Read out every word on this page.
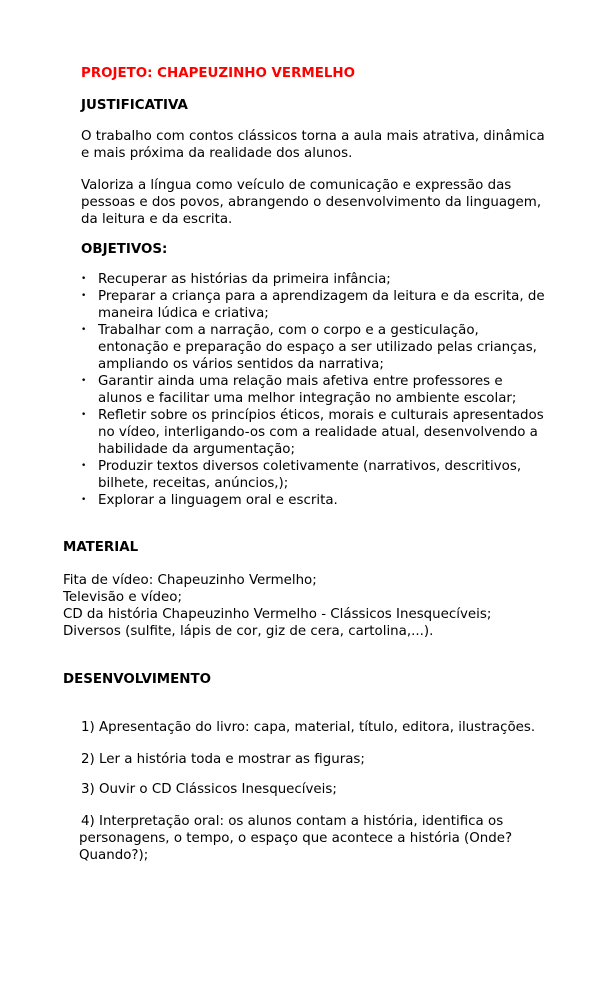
PROJETO: CHAPEUZINHO VERMELHO
JUSTIFICATIVA
O trabalho com contos clássicos torna a aula mais atrativa, dinâmica
e mais próxima da realidade dos alunos.
Valoriza a língua como veículo de comunicação e expressão das
pessoas e dos povos, abrangendo o desenvolvimento da linguagem,
da leitura e da escrita.
OBJETIVOS:
• Recuperar as histórias da primeira infância;
• Preparar a criança para a aprendizagem da leitura e da escrita, de
maneira lúdica e criativa;
• Trabalhar com a narração, com o corpo e a gesticulação,
entonação e preparação do espaço a ser utilizado pelas crianças,
ampliando os vários sentidos da narrativa;
• Garantir ainda uma relação mais afetiva entre professores e
alunos e facilitar uma melhor integração no ambiente escolar;
• Refletir sobre os princípios éticos, morais e culturais apresentados
no vídeo, interligando-os com a realidade atual, desenvolvendo a
habilidade da argumentação;
• Produzir textos diversos coletivamente (narrativos, descritivos,
bilhete, receitas, anúncios,);
• Explorar a linguagem oral e escrita.
MATERIAL
Fita de vídeo: Chapeuzinho Vermelho;
Televisão e vídeo;
CD da história Chapeuzinho Vermelho - Clássicos Inesquecíveis;
Diversos (sulfite, lápis de cor, giz de cera, cartolina,...).
DESENVOLVIMENTO
1) Apresentação do livro: capa, material, título, editora, ilustrações.
2) Ler a história toda e mostrar as figuras;
3) Ouvir o CD Clássicos Inesquecíveis;
4) Interpretação oral: os alunos contam a história, identifica os
personagens, o tempo, o espaço que acontece a história (Onde?
Quando?);
